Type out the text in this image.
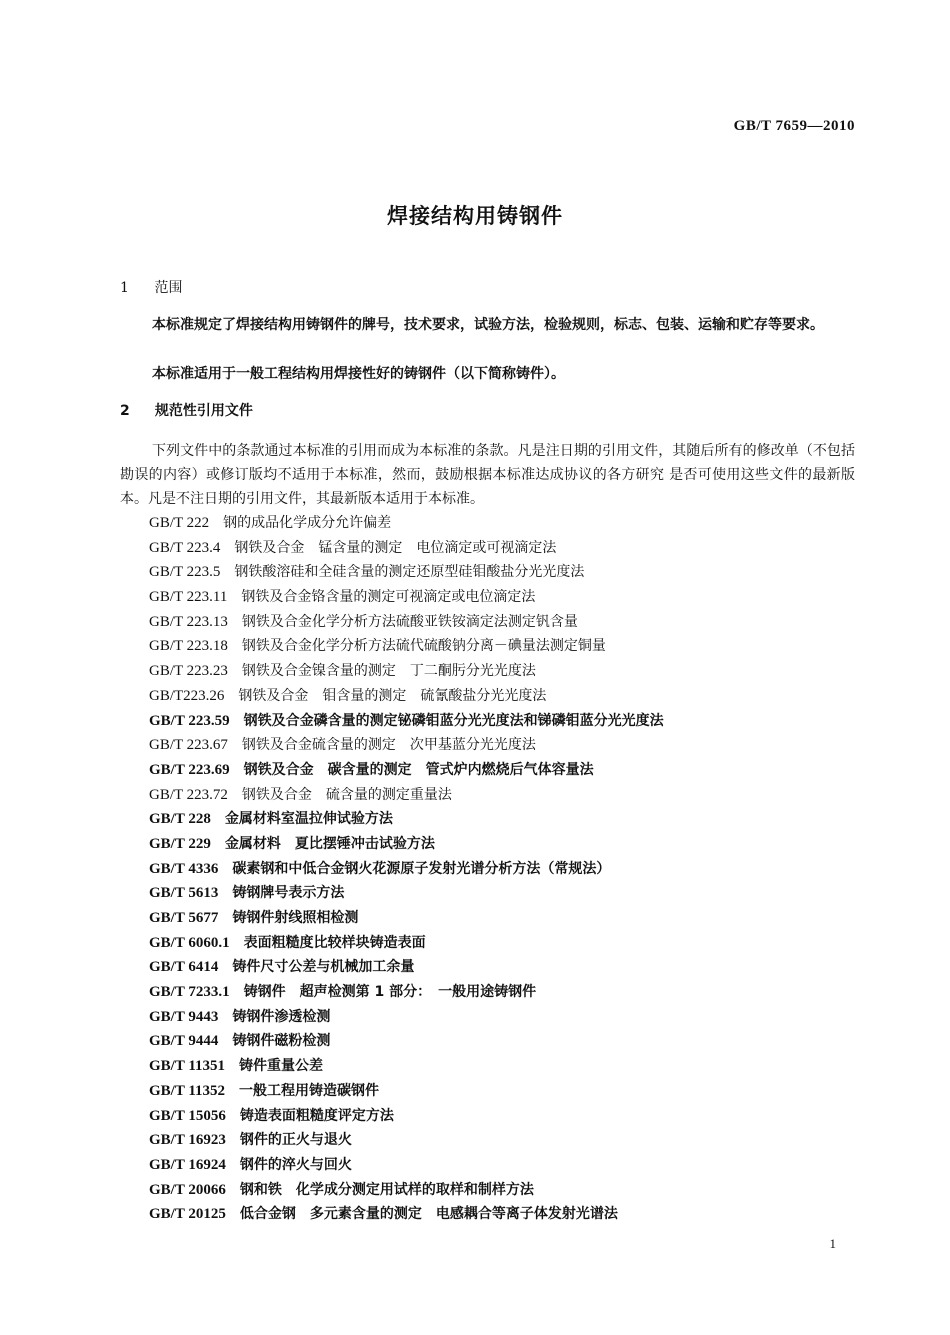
GB/T 7659—2010
焊接结构用铸钢件
1 范围
本标准规定了焊接结构用铸钢件的牌号，技术要求，试验方法，检验规则，标志、包装、运输和贮存等要求。
本标准适用于一般工程结构用焊接性好的铸钢件（以下简称铸件）。
2 规范性引用文件
下列文件中的条款通过本标准的引用而成为本标准的条款。凡是注日期的引用文件，其随后所有的修改单（不包括勘误的内容）或修订版均不适用于本标准，然而，鼓励根据本标准达成协议的各方研究 是否可使用这些文件的最新版本。凡是不注日期的引用文件，其最新版本适用于本标准。
GB/T 222 钢的成品化学成分允许偏差
GB/T 223.4 钢铁及合金　锰含量的测定　电位滴定或可视滴定法
GB/T 223.5 钢铁酸溶硅和全硅含量的测定还原型硅钼酸盐分光光度法
GB/T 223.11 钢铁及合金铬含量的测定可视滴定或电位滴定法
GB/T 223.13 钢铁及合金化学分析方法硫酸亚铁铵滴定法测定钒含量
GB/T 223.18 钢铁及合金化学分析方法硫代硫酸钠分离－碘量法测定铜量
GB/T 223.23 钢铁及合金镍含量的测定　丁二酮肟分光光度法
GB/T223.26 钢铁及合金　钼含量的测定　硫氰酸盐分光光度法
GB/T 223.59 钢铁及合金磷含量的测定铋磷钼蓝分光光度法和锑磷钼蓝分光光度法
GB/T 223.67 钢铁及合金硫含量的测定　次甲基蓝分光光度法
GB/T 223.69 钢铁及合金　碳含量的测定　管式炉内燃烧后气体容量法
GB/T 223.72 钢铁及合金　硫含量的测定重量法
GB/T 228 金属材料室温拉伸试验方法
GB/T 229 金属材料　夏比摆锤冲击试验方法
GB/T 4336 碳素钢和中低合金钢火花源原子发射光谱分析方法（常规法）
GB/T 5613 铸钢牌号表示方法
GB/T 5677 铸钢件射线照相检测
GB/T 6060.1 表面粗糙度比较样块铸造表面
GB/T 6414 铸件尺寸公差与机械加工余量
GB/T 7233.1 铸钢件　超声检测第 1 部分：　一般用途铸钢件
GB/T 9443 铸钢件渗透检测
GB/T 9444 铸钢件磁粉检测
GB/T 11351 铸件重量公差
GB/T 11352 一般工程用铸造碳钢件
GB/T 15056 铸造表面粗糙度评定方法
GB/T 16923 钢件的正火与退火
GB/T 16924 钢件的淬火与回火
GB/T 20066 钢和铁　化学成分测定用试样的取样和制样方法
GB/T 20125 低合金钢　多元素含量的测定　电感耦合等离子体发射光谱法
1
